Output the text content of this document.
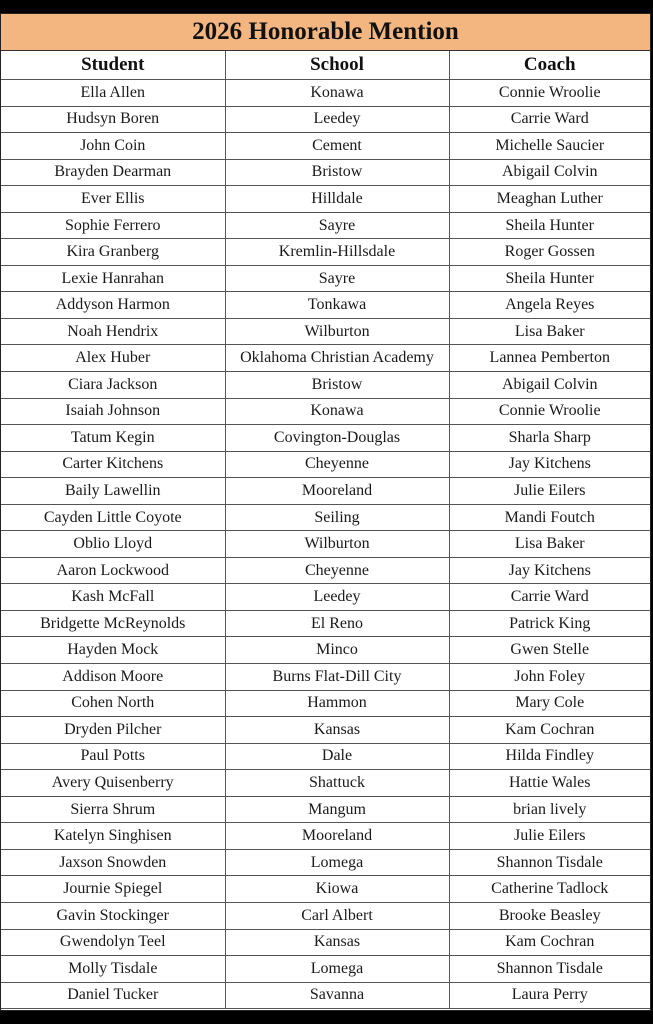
2026 Honorable Mention
Student	School	Coach
Ella Allen	Konawa	Connie Wroolie
Hudsyn Boren	Leedey	Carrie Ward
John Coin	Cement	Michelle Saucier
Brayden Dearman	Bristow	Abigail Colvin
Ever Ellis	Hilldale	Meaghan Luther
Sophie Ferrero	Sayre	Sheila Hunter
Kira Granberg	Kremlin-Hillsdale	Roger Gossen
Lexie Hanrahan	Sayre	Sheila Hunter
Addyson Harmon	Tonkawa	Angela Reyes
Noah Hendrix	Wilburton	Lisa Baker
Alex Huber	Oklahoma Christian Academy	Lannea Pemberton
Ciara Jackson	Bristow	Abigail Colvin
Isaiah Johnson	Konawa	Connie Wroolie
Tatum Kegin	Covington-Douglas	Sharla Sharp
Carter Kitchens	Cheyenne	Jay Kitchens
Baily Lawellin	Mooreland	Julie Eilers
Cayden Little Coyote	Seiling	Mandi Foutch
Oblio Lloyd	Wilburton	Lisa Baker
Aaron Lockwood	Cheyenne	Jay Kitchens
Kash McFall	Leedey	Carrie Ward
Bridgette McReynolds	El Reno	Patrick King
Hayden Mock	Minco	Gwen Stelle
Addison Moore	Burns Flat-Dill City	John Foley
Cohen North	Hammon	Mary Cole
Dryden Pilcher	Kansas	Kam Cochran
Paul Potts	Dale	Hilda Findley
Avery Quisenberry	Shattuck	Hattie Wales
Sierra Shrum	Mangum	brian lively
Katelyn Singhisen	Mooreland	Julie Eilers
Jaxson Snowden	Lomega	Shannon Tisdale
Journie Spiegel	Kiowa	Catherine Tadlock
Gavin Stockinger	Carl Albert	Brooke Beasley
Gwendolyn Teel	Kansas	Kam Cochran
Molly Tisdale	Lomega	Shannon Tisdale
Daniel Tucker	Savanna	Laura Perry
